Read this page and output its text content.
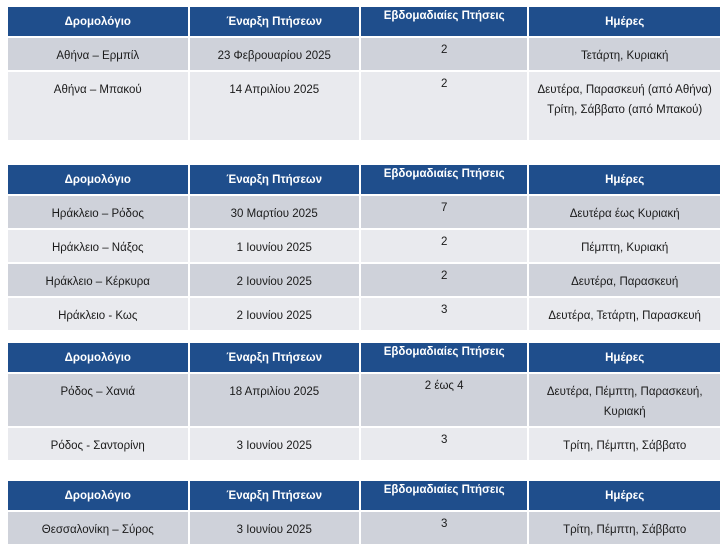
Δρομολόγιο	Έναρξη Πτήσεων	Εβδομαδιαίες Πτήσεις	Ημέρες
Αθήνα – Ερμπίλ	23 Φεβρουαρίου 2025	2	Τετάρτη, Κυριακή
Αθήνα – Μπακού	14 Απριλίου 2025	2	Δευτέρα, Παρασκευή (από Αθήνα) Τρίτη, Σάββατο (από Μπακού)
Δρομολόγιο	Έναρξη Πτήσεων	Εβδομαδιαίες Πτήσεις	Ημέρες
Ηράκλειο – Ρόδος	30 Μαρτίου 2025	7	Δευτέρα έως Κυριακή
Ηράκλειο – Νάξος	1 Ιουνίου 2025	2	Πέμπτη, Κυριακή
Ηράκλειο – Κέρκυρα	2 Ιουνίου 2025	2	Δευτέρα, Παρασκευή
Ηράκλειο - Κως	2 Ιουνίου 2025	3	Δευτέρα, Τετάρτη, Παρασκευή
Δρομολόγιο	Έναρξη Πτήσεων	Εβδομαδιαίες Πτήσεις	Ημέρες
Ρόδος – Χανιά	18 Απριλίου 2025	2 έως 4	Δευτέρα, Πέμπτη, Παρασκευή, Κυριακή
Ρόδος - Σαντορίνη	3 Ιουνίου 2025	3	Τρίτη, Πέμπτη, Σάββατο
Δρομολόγιο	Έναρξη Πτήσεων	Εβδομαδιαίες Πτήσεις	Ημέρες
Θεσσαλονίκη – Σύρος	3 Ιουνίου 2025	3	Τρίτη, Πέμπτη, Σάββατο
